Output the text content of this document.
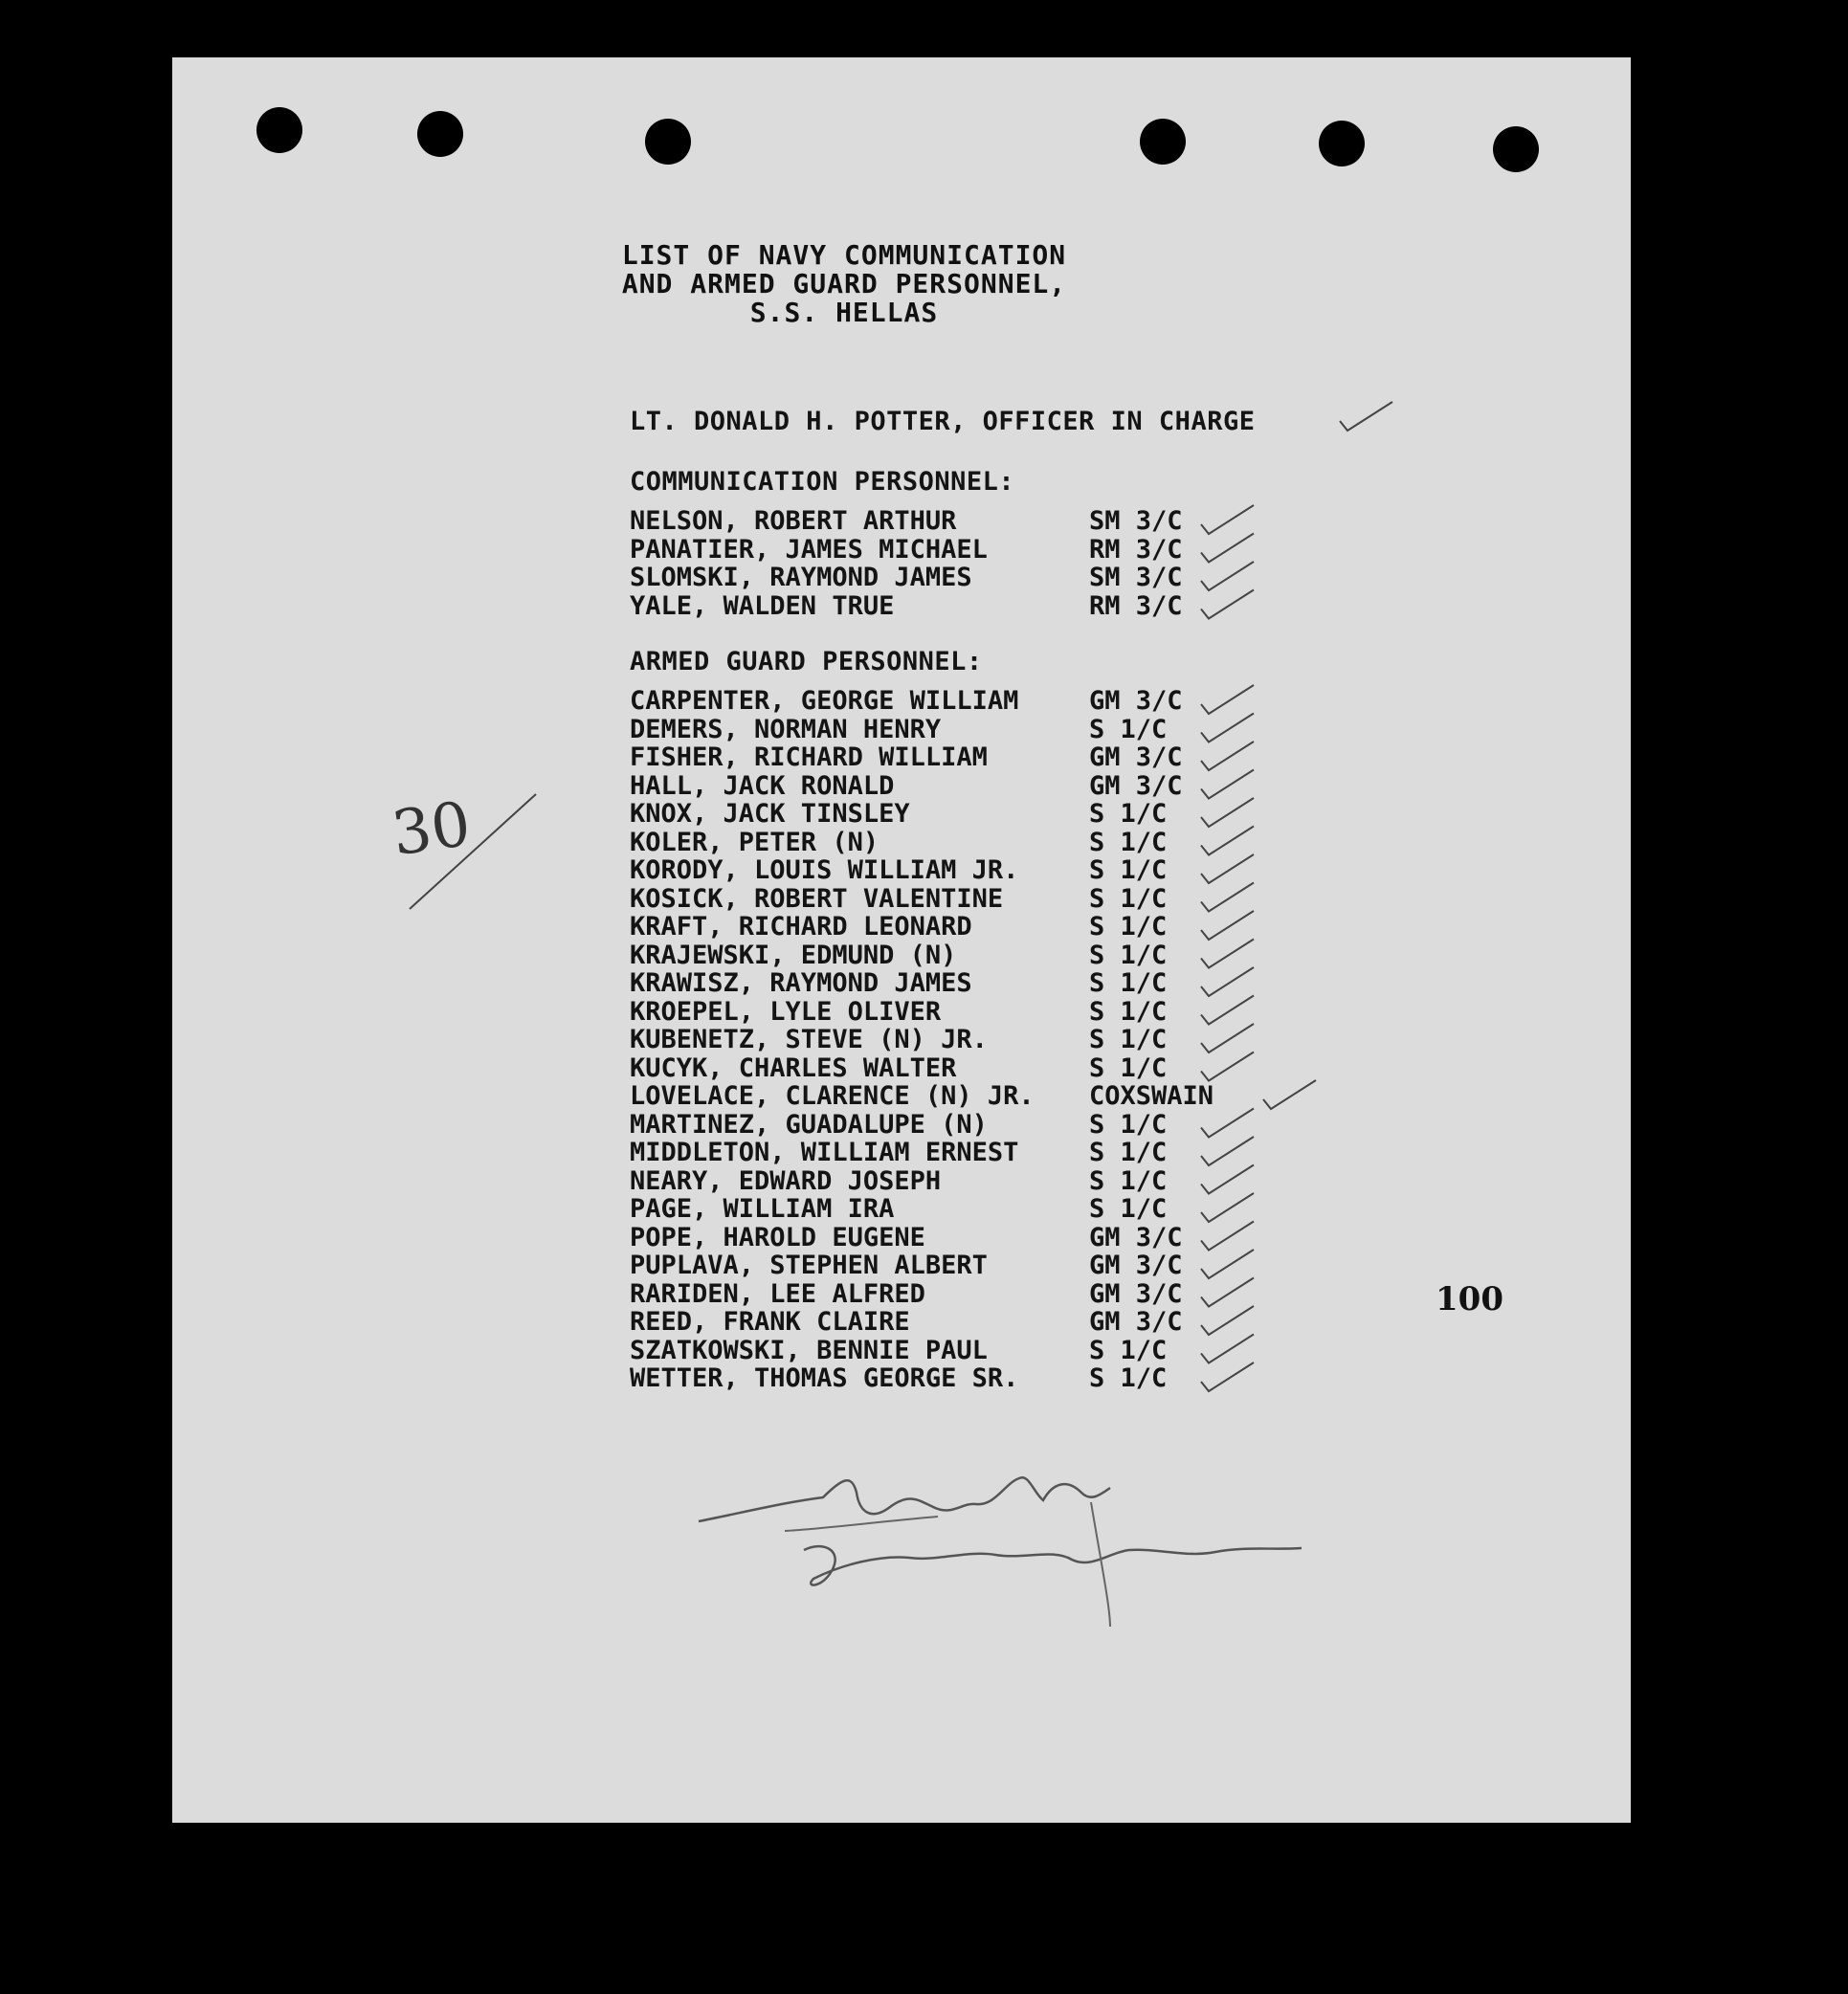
LIST OF NAVY COMMUNICATION
AND ARMED GUARD PERSONNEL,
S.S. HELLAS
LT. DONALD H. POTTER, OFFICER IN CHARGE
COMMUNICATION PERSONNEL:
ARMED GUARD PERSONNEL:
30
100
NELSON, ROBERT ARTHUR	SM 3/C
PANATIER, JAMES MICHAEL	RM 3/C
SLOMSKI, RAYMOND JAMES	SM 3/C
YALE, WALDEN TRUE	RM 3/C
CARPENTER, GEORGE WILLIAM	GM 3/C
DEMERS, NORMAN HENRY	S 1/C
FISHER, RICHARD WILLIAM	GM 3/C
HALL, JACK RONALD	GM 3/C
KNOX, JACK TINSLEY	S 1/C
KOLER, PETER (N)	S 1/C
KORODY, LOUIS WILLIAM JR.	S 1/C
KOSICK, ROBERT VALENTINE	S 1/C
KRAFT, RICHARD LEONARD	S 1/C
KRAJEWSKI, EDMUND (N)	S 1/C
KRAWISZ, RAYMOND JAMES	S 1/C
KROEPEL, LYLE OLIVER	S 1/C
KUBENETZ, STEVE (N) JR.	S 1/C
KUCYK, CHARLES WALTER	S 1/C
LOVELACE, CLARENCE (N) JR. COXSWAIN
MARTINEZ, GUADALUPE (N)	S 1/C
MIDDLETON, WILLIAM ERNEST	S 1/C
NEARY, EDWARD JOSEPH	S 1/C
PAGE, WILLIAM IRA	S 1/C
POPE, HAROLD EUGENE	GM 3/C
PUPLAVA, STEPHEN ALBERT	GM 3/C
RARIDEN, LEE ALFRED	GM 3/C
REED, FRANK CLAIRE	GM 3/C
SZATKOWSKI, BENNIE PAUL	S 1/C
WETTER, THOMAS GEORGE SR.	S 1/C
